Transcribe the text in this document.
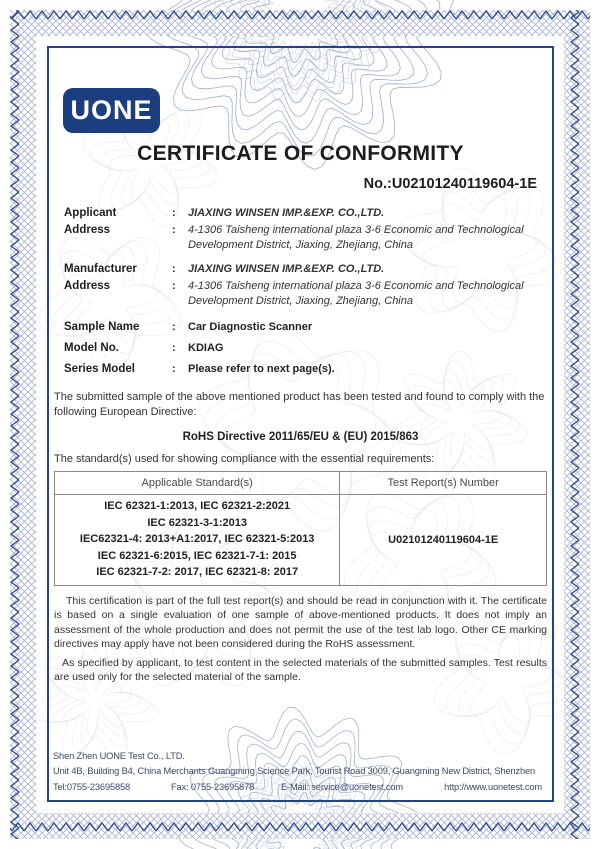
UONE
CERTIFICATE OF CONFORMITY
No.:U02101240119604-1E
Applicant	:	JIAXING WINSEN IMP.&EXP. CO.,LTD.
Address	:	4-1306 Taisheng international plaza 3-6 Economic and Technological Development District, Jiaxing, Zhejiang, China
Manufacturer	:	JIAXING WINSEN IMP.&EXP. CO.,LTD.
Address	:	4-1306 Taisheng international plaza 3-6 Economic and Technological Development District, Jiaxing, Zhejiang, China
Sample Name	:	Car Diagnostic Scanner
Model No.	:	KDIAG
Series Model	:	Please refer to next page(s).
The submitted sample of the above mentioned product has been tested and found to comply with the following European Directive:
RoHS Directive 2011/65/EU & (EU) 2015/863
The standard(s) used for showing compliance with the essential requirements:
Applicable Standard(s)	Test Report(s) Number

IEC 62321-1:2013, IEC 62321-2:2021
IEC 62321-3-1:2013
IEC62321-4: 2013+A1:2017, IEC 62321-5:2013
IEC 62321-6:2015, IEC 62321-7-1: 2015
IEC 62321-7-2: 2017, IEC 62321-8: 2017	U02101240119604-1E
This certification is part of the full test report(s) and should be read in conjunction with it. The certificate is based on a single evaluation of one sample of above-mentioned products. It does not imply an assessment of the whole production and does not permit the use of the test lab logo. Other CE marking directives may apply have not been considered during the RoHS assessment.
As specified by applicant, to test content in the selected materials of the submitted samples. Test results are used only for the selected material of the sample.
Shen Zhen UONE Test Co., LTD.
Unit 4B, Building B4, China Merchants Guangming Science Park, Tourist Road 3009, Guangming New District, Shenzhen
Tel:0755-23695858	Fax: 0755-23695878	E-Mail: service@uonetest.com	http://www.uonetest.com
